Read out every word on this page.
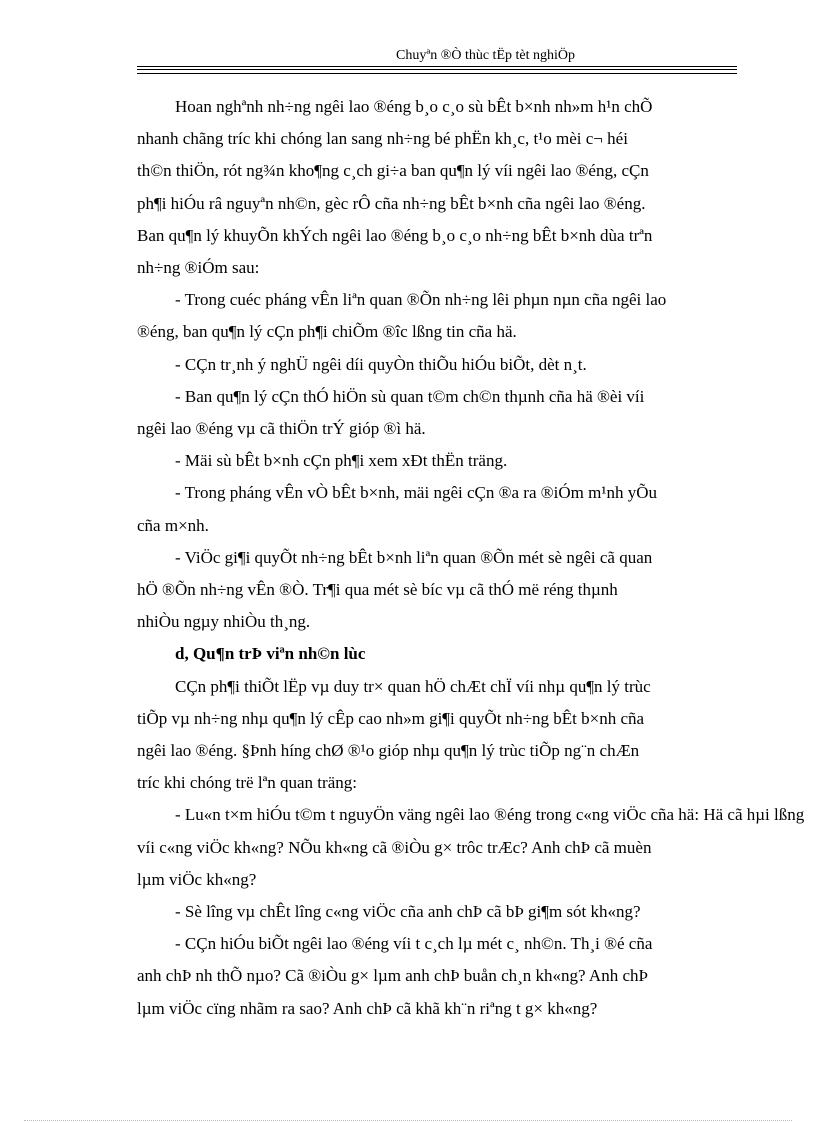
Chuyªn ®Ò thùc tËp tèt nghiÖp
Hoan nghªnh nh÷ng ngêi lao ®éng b¸o c¸o sù bÊt b×nh nh»m h¹n chÕ
nhanh chãng tríc khi chóng lan sang nh÷ng bé phËn kh¸c, t¹o mèi c¬ héi
th©n thiÖn, rót ng¾n kho¶ng c¸ch gi÷a ban qu¶n lý víi ngêi lao ®éng, cÇn
ph¶i hiÓu râ nguyªn nh©n, gèc rÔ cña nh÷ng bÊt b×nh cña ngêi lao ®éng.
Ban qu¶n lý khuyÕn khÝch ngêi lao ®éng b¸o c¸o nh÷ng bÊt b×nh dùa trªn
nh÷ng ®iÓm sau:
- Trong cuéc pháng vÊn liªn quan ®Õn nh÷ng lêi phµn nµn cña ngêi lao
®éng, ban qu¶n lý cÇn ph¶i chiÕm ®îc lßng tin cña hä.
- CÇn tr¸nh ý nghÜ ngêi díi quyÒn thiÕu hiÓu biÕt, dèt n¸t.
- Ban qu¶n lý cÇn thÓ hiÖn sù quan t©m ch©n thµnh cña hä ®èi víi
ngêi lao ®éng vµ cã thiÖn trÝ gióp ®ì hä.
- Mäi sù bÊt b×nh cÇn ph¶i xem xÐt thËn träng.
- Trong pháng vÊn vÒ bÊt b×nh, mäi ngêi cÇn ®a ra ®iÓm m¹nh yÕu
cña m×nh.
- ViÖc gi¶i quyÕt nh÷ng bÊt b×nh liªn quan ®Õn mét sè ngêi cã quan
hÖ ®Õn nh÷ng vÊn ®Ò. Tr¶i qua mét sè bíc vµ cã thÓ më réng thµnh
nhiÒu ngµy nhiÒu th¸ng.
d, Qu¶n trÞ viªn nh©n lùc
CÇn ph¶i thiÕt lËp vµ duy tr× quan hÖ chÆt chÏ víi nhµ qu¶n lý trùc
tiÕp vµ nh÷ng nhµ qu¶n lý cÊp cao nh»m gi¶i quyÕt nh÷ng bÊt b×nh cña
ngêi lao ®éng. §Þnh híng chØ ®¹o gióp nhµ qu¶n lý trùc tiÕp ng¨n chÆn
tríc khi chóng trë lªn quan träng:
- Lu«n t×m hiÓu t©m t nguyÖn väng ngêi lao ®éng trong c«ng viÖc cña hä: Hä cã hµi lßng
víi c«ng viÖc kh«ng? NÕu kh«ng cã ®iÒu g× trôc trÆc? Anh chÞ cã muèn
lµm viÖc kh«ng?
- Sè lîng vµ chÊt lîng c«ng viÖc cña anh chÞ cã bÞ gi¶m sót kh«ng?
- CÇn hiÓu biÕt ngêi lao ®éng víi t c¸ch lµ mét c¸ nh©n. Th¸i ®é cña
anh chÞ nh thÕ nµo? Cã ®iÒu g× lµm anh chÞ buån ch¸n kh«ng? Anh chÞ
lµm viÖc cïng nhãm ra sao? Anh chÞ cã khã kh¨n riªng t g× kh«ng?
